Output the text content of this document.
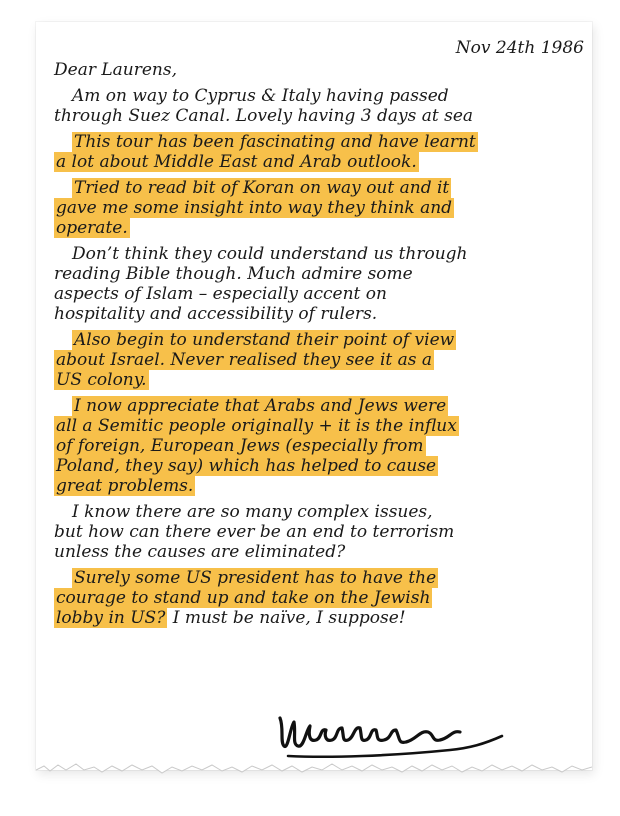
Nov 24th 1986
Dear Laurens,
Am on way to Cyprus & Italy having passed
through Suez Canal. Lovely having 3 days at sea
This tour has been fascinating and have learnt
a lot about Middle East and Arab outlook.
Tried to read bit of Koran on way out and it
gave me some insight into way they think and
operate.
Don’t think they could understand us through
reading Bible though. Much admire some
aspects of Islam – especially accent on
hospitality and accessibility of rulers.
Also begin to understand their point of view
about Israel. Never realised they see it as a
US colony.
I now appreciate that Arabs and Jews were
all a Semitic people originally + it is the influx
of foreign, European Jews (especially from
Poland, they say) which has helped to cause
great problems.
I know there are so many complex issues,
but how can there ever be an end to terrorism
unless the causes are eliminated?
Surely some US president has to have the
courage to stand up and take on the Jewish
lobby in US? I must be naïve, I suppose!
